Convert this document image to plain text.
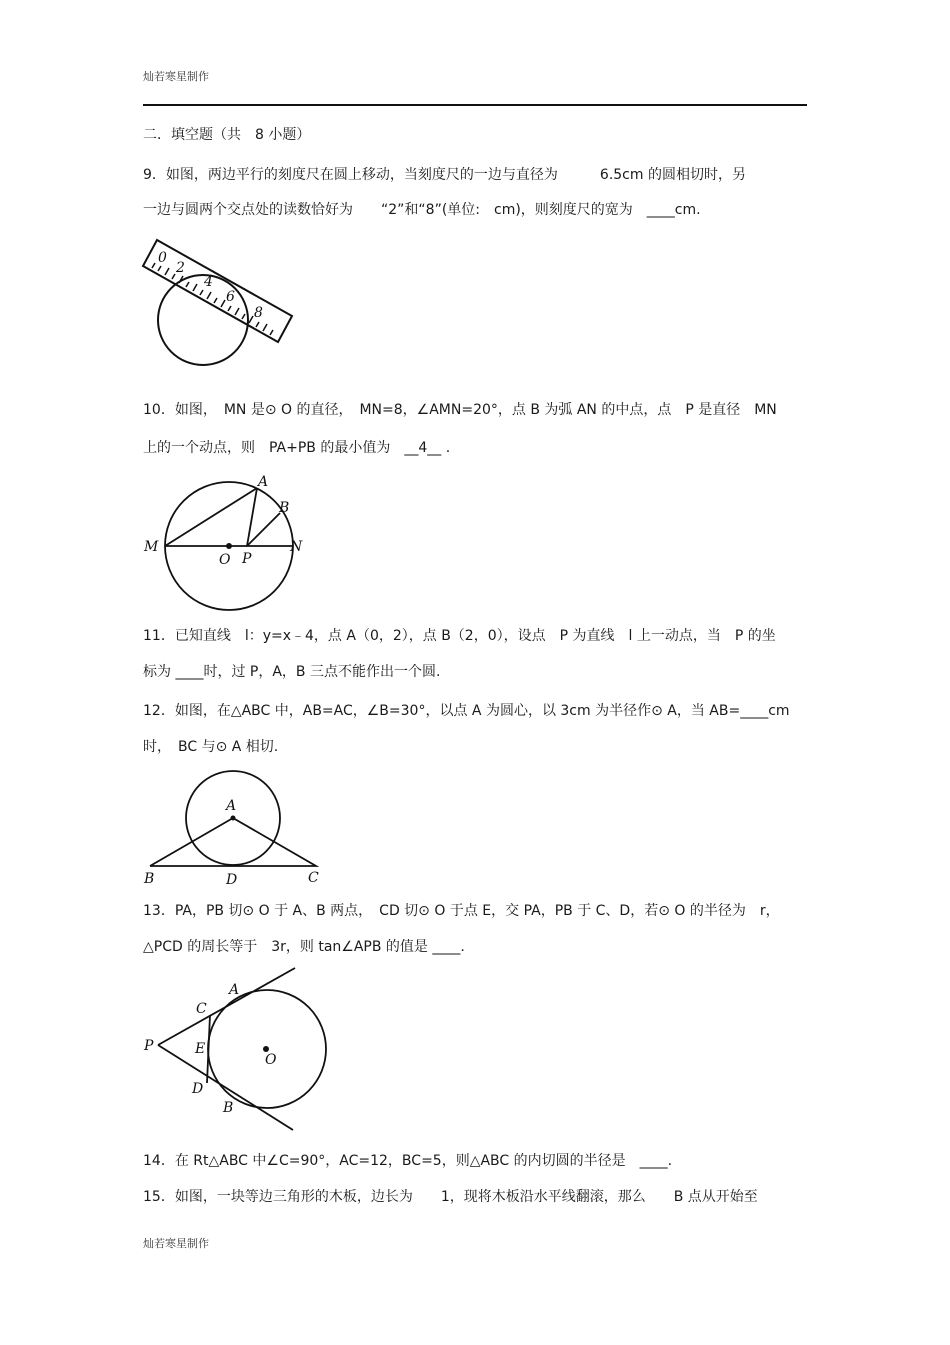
灿若寒星制作
二．填空题（共　8 小题）
9．如图，两边平行的刻度尺在圆上移动，当刻度尺的一边与直径为　　　6.5cm 的圆相切时，另
一边与圆两个交点处的读数恰好为　　“2”和“8”(单位:　cm)，则刻度尺的宽为　____cm.
0
2
4
6
8
10．如图，　MN 是⊙ O 的直径，　MN=8，∠AMN=20°，点 B 为弧 AN 的中点，点　P 是直径　MN
上的一个动点，则　PA+PB 的最小值为　__4__ .
A
B
M	N
O P
11．已知直线　l：y=x﹣4，点 A（0，2），点 B（2，0），设点　P 为直线　l 上一动点，当　P 的坐
标为 ____时，过 P，A，B 三点不能作出一个圆.
12．如图，在△ABC 中，AB=AC，∠B=30°，以点 A 为圆心，以 3cm 为半径作⊙ A，当 AB=____cm
时，　BC 与⊙ A 相切.
A
B	D	C
13．PA，PB 切⊙ O 于 A、B 两点，　CD 切⊙ O 于点 E，交 PA，PB 于 C、D，若⊙ O 的半径为　r，
△PCD 的周长等于　3r，则 tan∠APB 的值是 ____.
A
C
P	E
O
D
B
14．在 Rt△ABC 中∠C=90°，AC=12，BC=5，则△ABC 的内切圆的半径是　____.
15．如图，一块等边三角形的木板，边长为　　1，现将木板沿水平线翻滚，那么　　B 点从开始至
灿若寒星制作
